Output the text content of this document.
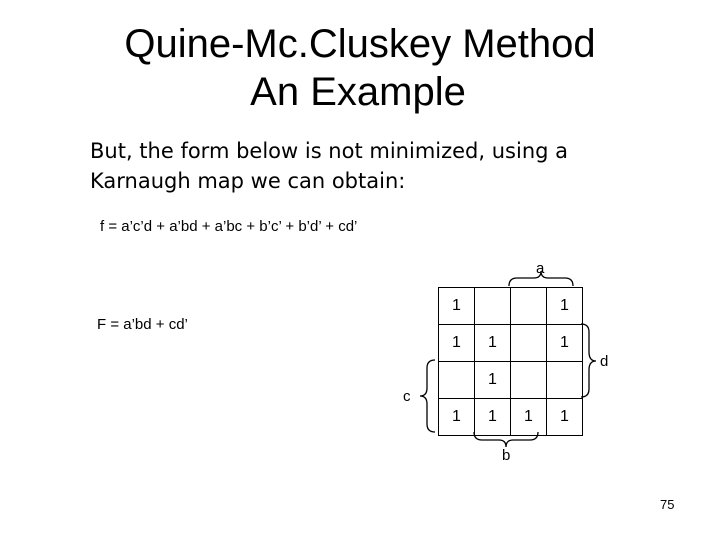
Quine-Mc.Cluskey Method
An Example
But, the form below is not minimized, using a Karnaugh map we can obtain:
f = a’c’d + a’bd + a’bc + b’c’ + b’d’ + cd’
F = a’bd + cd’
1			1
1	1		1
	1		
1	1	1	1
a
d
c
b
75
